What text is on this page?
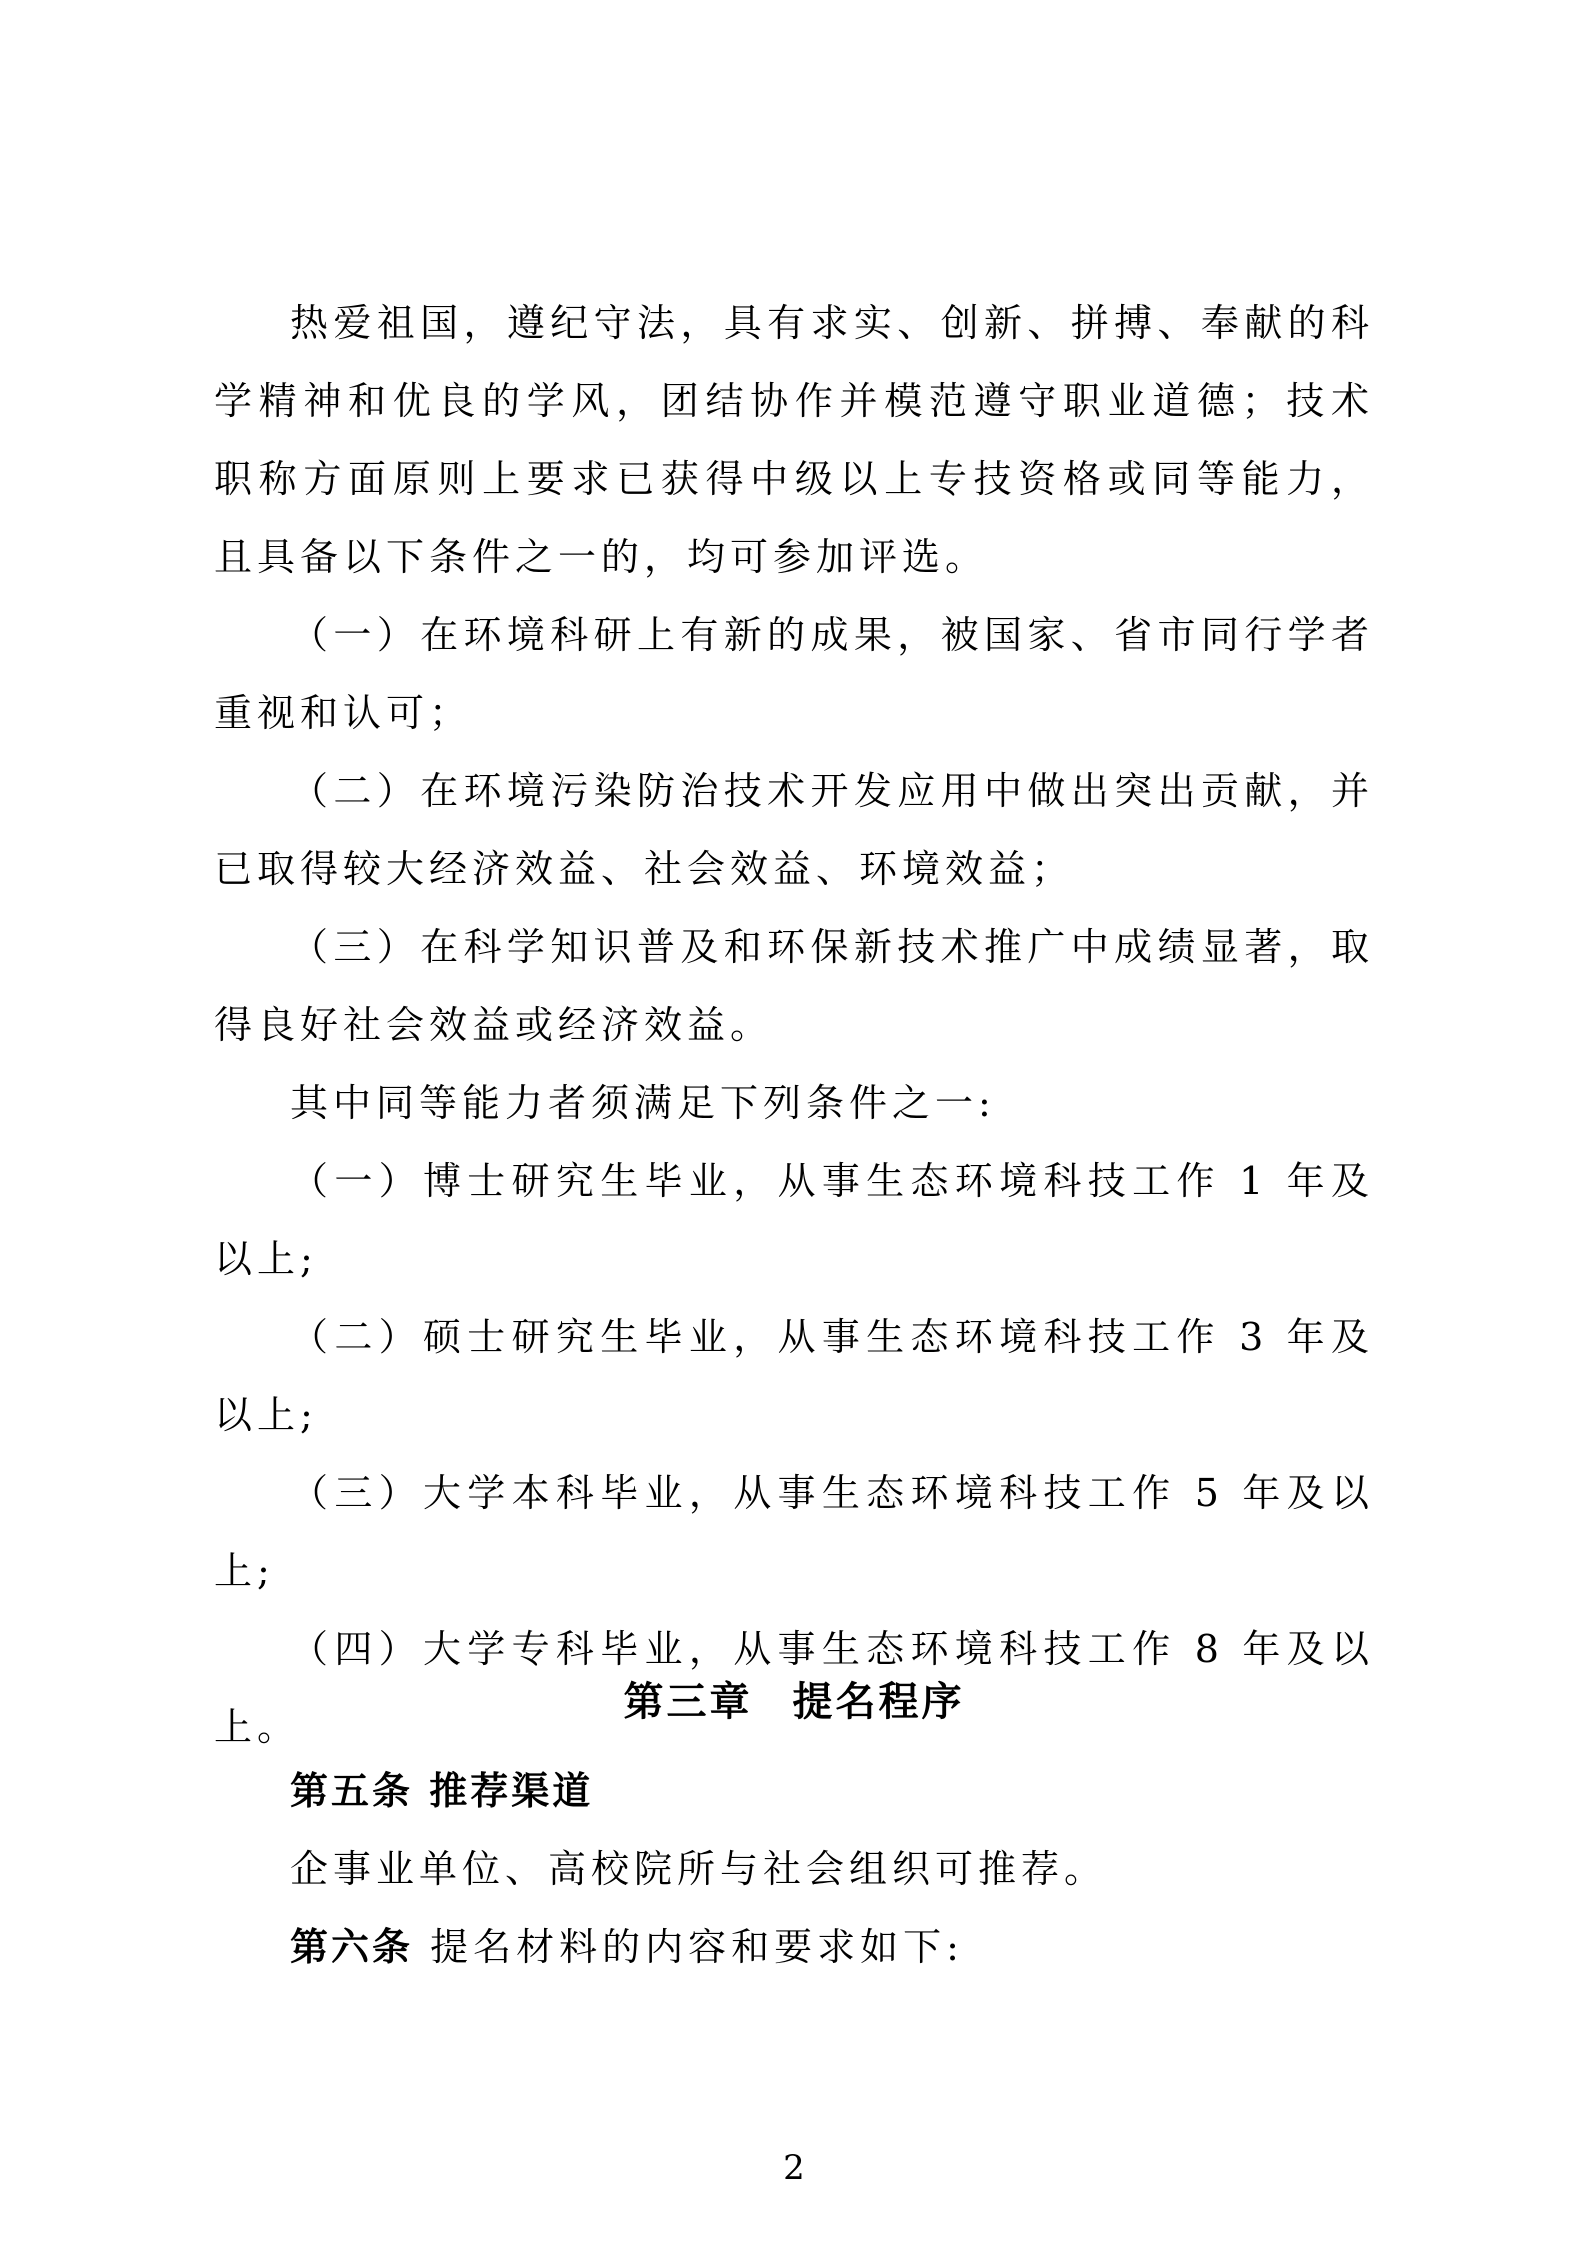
热爱祖国，遵纪守法，具有求实、创新、拼搏、奉献的科学精神和优良的学风，团结协作并模范遵守职业道德；技术职称方面原则上要求已获得中级以上专技资格或同等能力，且具备以下条件之一的，均可参加评选。

（一）在环境科研上有新的成果，被国家、省市同行学者重视和认可；

（二）在环境污染防治技术开发应用中做出突出贡献，并已取得较大经济效益、社会效益、环境效益；

（三）在科学知识普及和环保新技术推广中成绩显著，取得良好社会效益或经济效益。

其中同等能力者须满足下列条件之一:

（一）博士研究生毕业，从事生态环境科技工作 1 年及以上;

（二）硕士研究生毕业，从事生态环境科技工作 3 年及以上;

（三）大学本科毕业，从事生态环境科技工作 5 年及以上;

（四）大学专科毕业，从事生态环境科技工作 8 年及以上。

第三章 提名程序

第五条 推荐渠道

企事业单位、高校院所与社会组织可推荐。

第六条 提名材料的内容和要求如下:

2
